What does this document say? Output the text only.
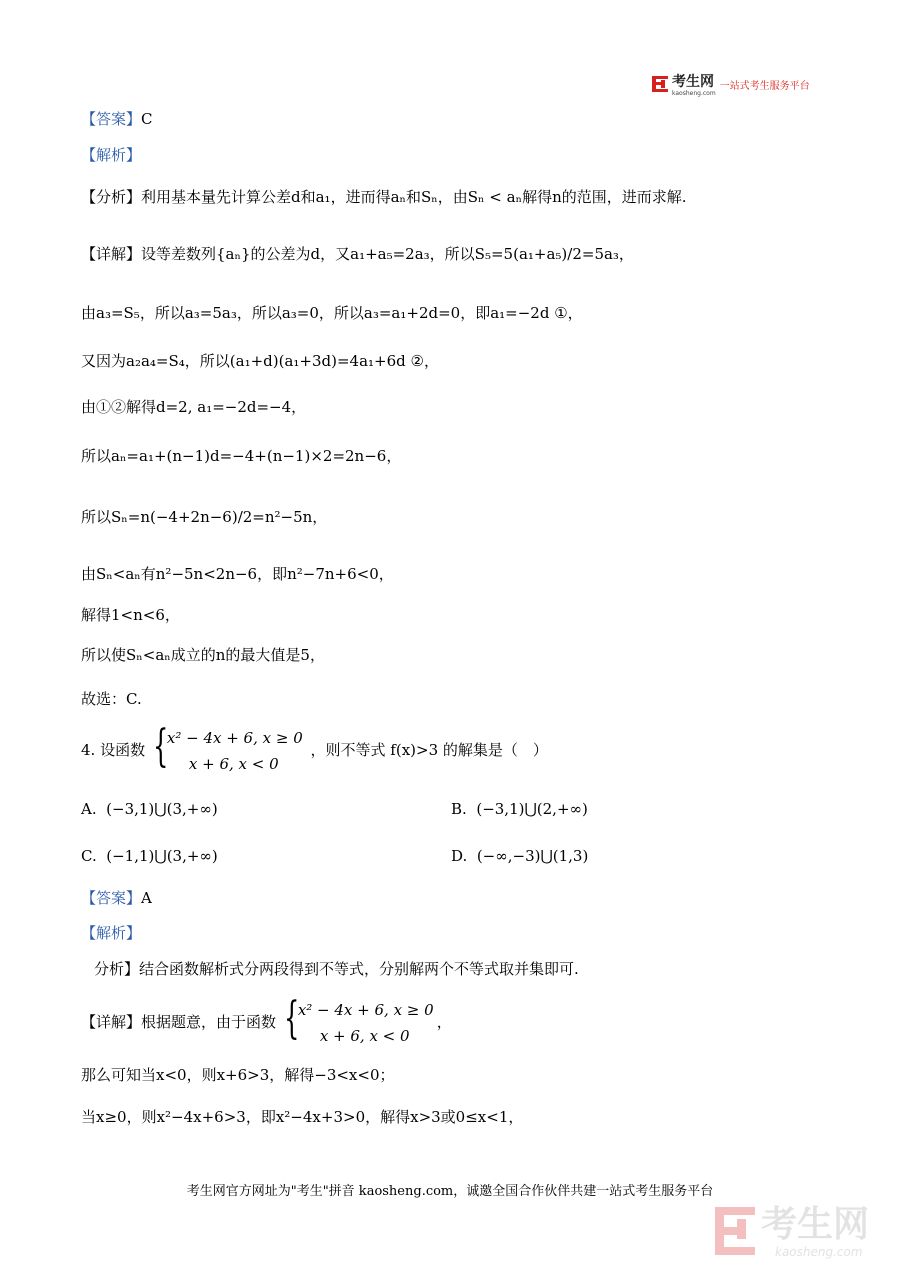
考生网
kaosheng.com
一站式考生服务平台
【答案】C
【解析】
【分析】利用基本量先计算公差d和a₁，进而得aₙ和Sₙ，由Sₙ < aₙ解得n的范围，进而求解.
【详解】设等差数列{aₙ}的公差为d，又a₁+a₅=2a₃，所以S₅=5(a₁+a₅)/2=5a₃，
由a₃=S₅，所以a₃=5a₃，所以a₃=0，所以a₃=a₁+2d=0，即a₁=−2d ①，
又因为a₂a₄=S₄，所以(a₁+d)(a₁+3d)=4a₁+6d ②，
由①②解得d=2, a₁=−2d=−4，
所以aₙ=a₁+(n−1)d=−4+(n−1)×2=2n−6，
所以Sₙ=n(−4+2n−6)/2=n²−5n，
由Sₙ<aₙ有n²−5n<2n−6，即n²−7n+6<0，
解得1<n<6，
所以使Sₙ<aₙ成立的n的最大值是5，
故选：C.
4. 设函数 {
x² − 4x + 6, x ≥ 0
x + 6, x < 0
，则不等式 f(x)>3 的解集是（　）
A. (−3,1)⋃(3,+∞)	B. (−3,1)⋃(2,+∞)
C. (−1,1)⋃(3,+∞)	D. (−∞,−3)⋃(1,3)
【答案】A
【解析】
分析】结合函数解析式分两段得到不等式，分别解两个不等式取并集即可.
【详解】根据题意，由于函数 {
x² − 4x + 6, x ≥ 0
x + 6, x < 0
，
那么可知当x<0，则x+6>3，解得−3<x<0；
当x≥0，则x²−4x+6>3，即x²−4x+3>0，解得x>3或0≤x<1，
考生网官方网址为"考生"拼音 kaosheng.com，诚邀全国合作伙伴共建一站式考生服务平台
考生网
kaosheng.com
